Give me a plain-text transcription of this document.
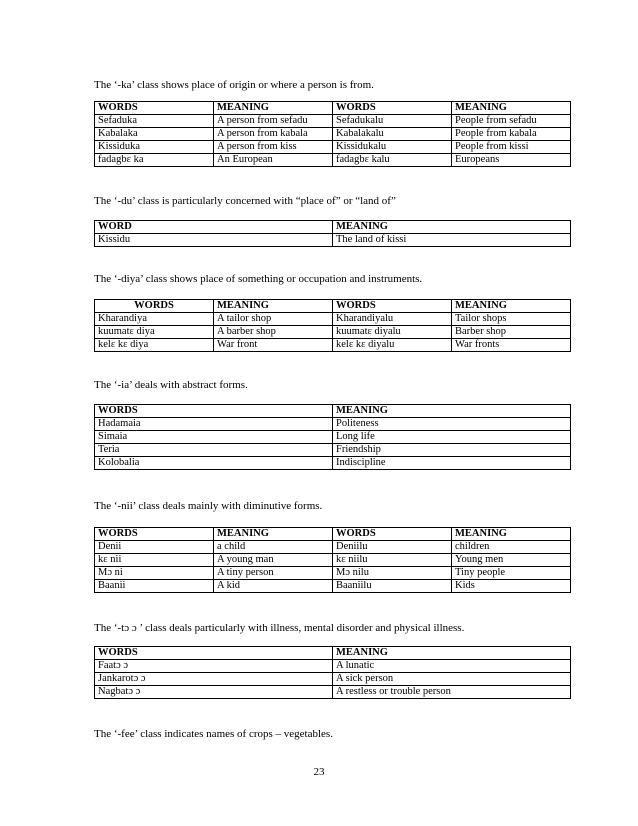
The ‘-ka’ class shows place of origin or where a person is from.
WORDS	MEANING	WORDS	MEANING
Sefaduka	A person from sefadu	Sefadukalu	People from sefadu
Kabalaka	A person from kabala	Kabalakalu	People from kabala
Kissiduka	A person from kiss	Kissidukalu	People from kissi
fadagbɛ ka	An European	fadagbɛ kalu	Europeans
The ‘-du’ class is particularly concerned with “place of” or “land of”
WORD	MEANING
Kissidu	The land of kissi
The ‘-diya’ class shows place of something or occupation and instruments.
WORDS	MEANING	WORDS	MEANING
Kharandiya	A tailor shop	Kharandiyalu	Tailor shops
kuumatɛ diya	A barber shop	kuumatɛ diyalu	Barber shop
kelɛ kɛ diya	War front	kelɛ kɛ diyalu	War fronts
The ‘-ia’ deals with abstract forms.
WORDS	MEANING
Hadamaia	Politeness
Simaia	Long life
Teria	Friendship
Kolobalia	Indiscipline
The ‘-nii’ class deals mainly with diminutive forms.
WORDS	MEANING	WORDS	MEANING
Denii	a child	Deniilu	children
kɛ nii	A young man	kɛ niilu	Young men
Mɔ ni	A tiny person	Mɔ nilu	Tiny people
Baanii	A kid	Baaniilu	Kids
The ‘-tɔ ɔ ’ class deals particularly with illness, mental disorder and physical illness.
WORDS	MEANING
Faatɔ ɔ	A lunatic
Jankarotɔ ɔ	A sick person
Nagbatɔ ɔ	A restless or trouble person
The ‘-fee’ class indicates names of crops – vegetables.
23
